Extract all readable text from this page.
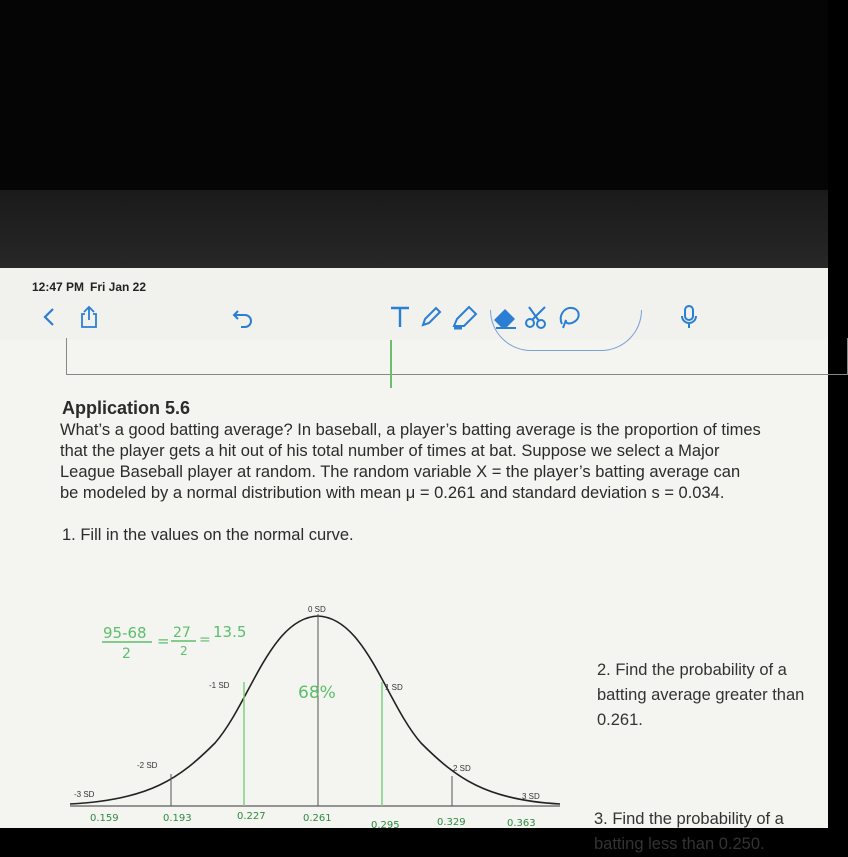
12:47 PM Fri Jan 22
Application 5.6
What’s a good batting average? In baseball, a player’s batting average is the proportion of times
that the player gets a hit out of his total number of times at bat. Suppose we select a Major
League Baseball player at random. The random variable X = the player’s batting average can
be modeled by a normal distribution with mean μ = 0.261 and standard deviation s = 0.034.
1. Fill in the values on the normal curve.
2. Find the probability of a batting average greater than 0.261.
3. Find the probability of a batting less than 0.250.
0 SD
-1 SD	1 SD
-2 SD	2 SD
-3 SD	3 SD
0.159	0.193	0.227	0.261
0.295	0.329	0.363
68%
95-68
2
= 27
2
= 13.5
